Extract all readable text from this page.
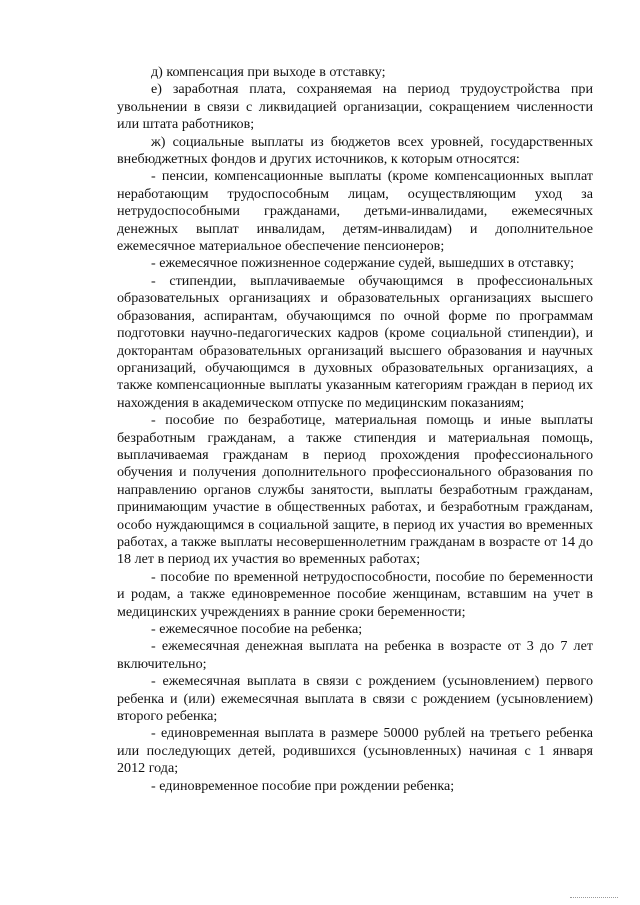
д) компенсация при выходе в отставку;

е) заработная плата, сохраняемая на период трудоустройства при увольнении в связи с ликвидацией организации, сокращением численности или штата работников;

ж) социальные выплаты из бюджетов всех уровней, государственных внебюджетных фондов и других источников, к которым относятся:

- пенсии, компенсационные выплаты (кроме компенсационных выплат неработающим трудоспособным лицам, осуществляющим уход за нетрудоспособными гражданами, детьми-инвалидами, ежемесячных денежных выплат инвалидам, детям-инвалидам) и дополнительное ежемесячное материальное обеспечение пенсионеров;

- ежемесячное пожизненное содержание судей, вышедших в отставку;

- стипендии, выплачиваемые обучающимся в профессиональных образовательных организациях и образовательных организациях высшего образования, аспирантам, обучающимся по очной форме по программам подготовки научно-педагогических кадров (кроме социальной стипендии), и докторантам образовательных организаций высшего образования и научных организаций, обучающимся в духовных образовательных организациях, а также компенсационные выплаты указанным категориям граждан в период их нахождения в академическом отпуске по медицинским показаниям;

- пособие по безработице, материальная помощь и иные выплаты безработным гражданам, а также стипендия и материальная помощь, выплачиваемая гражданам в период прохождения профессионального обучения и получения дополнительного профессионального образования по направлению органов службы занятости, выплаты безработным гражданам, принимающим участие в общественных работах, и безработным гражданам, особо нуждающимся в социальной защите, в период их участия во временных работах, а также выплаты несовершеннолетним гражданам в возрасте от 14 до 18 лет в период их участия во временных работах;

- пособие по временной нетрудоспособности, пособие по беременности и родам, а также единовременное пособие женщинам, вставшим на учет в медицинских учреждениях в ранние сроки беременности;

- ежемесячное пособие на ребенка;

- ежемесячная денежная выплата на ребенка в возрасте от 3 до 7 лет включительно;

- ежемесячная выплата в связи с рождением (усыновлением) первого ребенка и (или) ежемесячная выплата в связи с рождением (усыновлением) второго ребенка;

- единовременная выплата в размере 50000 рублей на третьего ребенка или последующих детей, родившихся (усыновленных) начиная с 1 января 2012 года;

- единовременное пособие при рождении ребенка;
